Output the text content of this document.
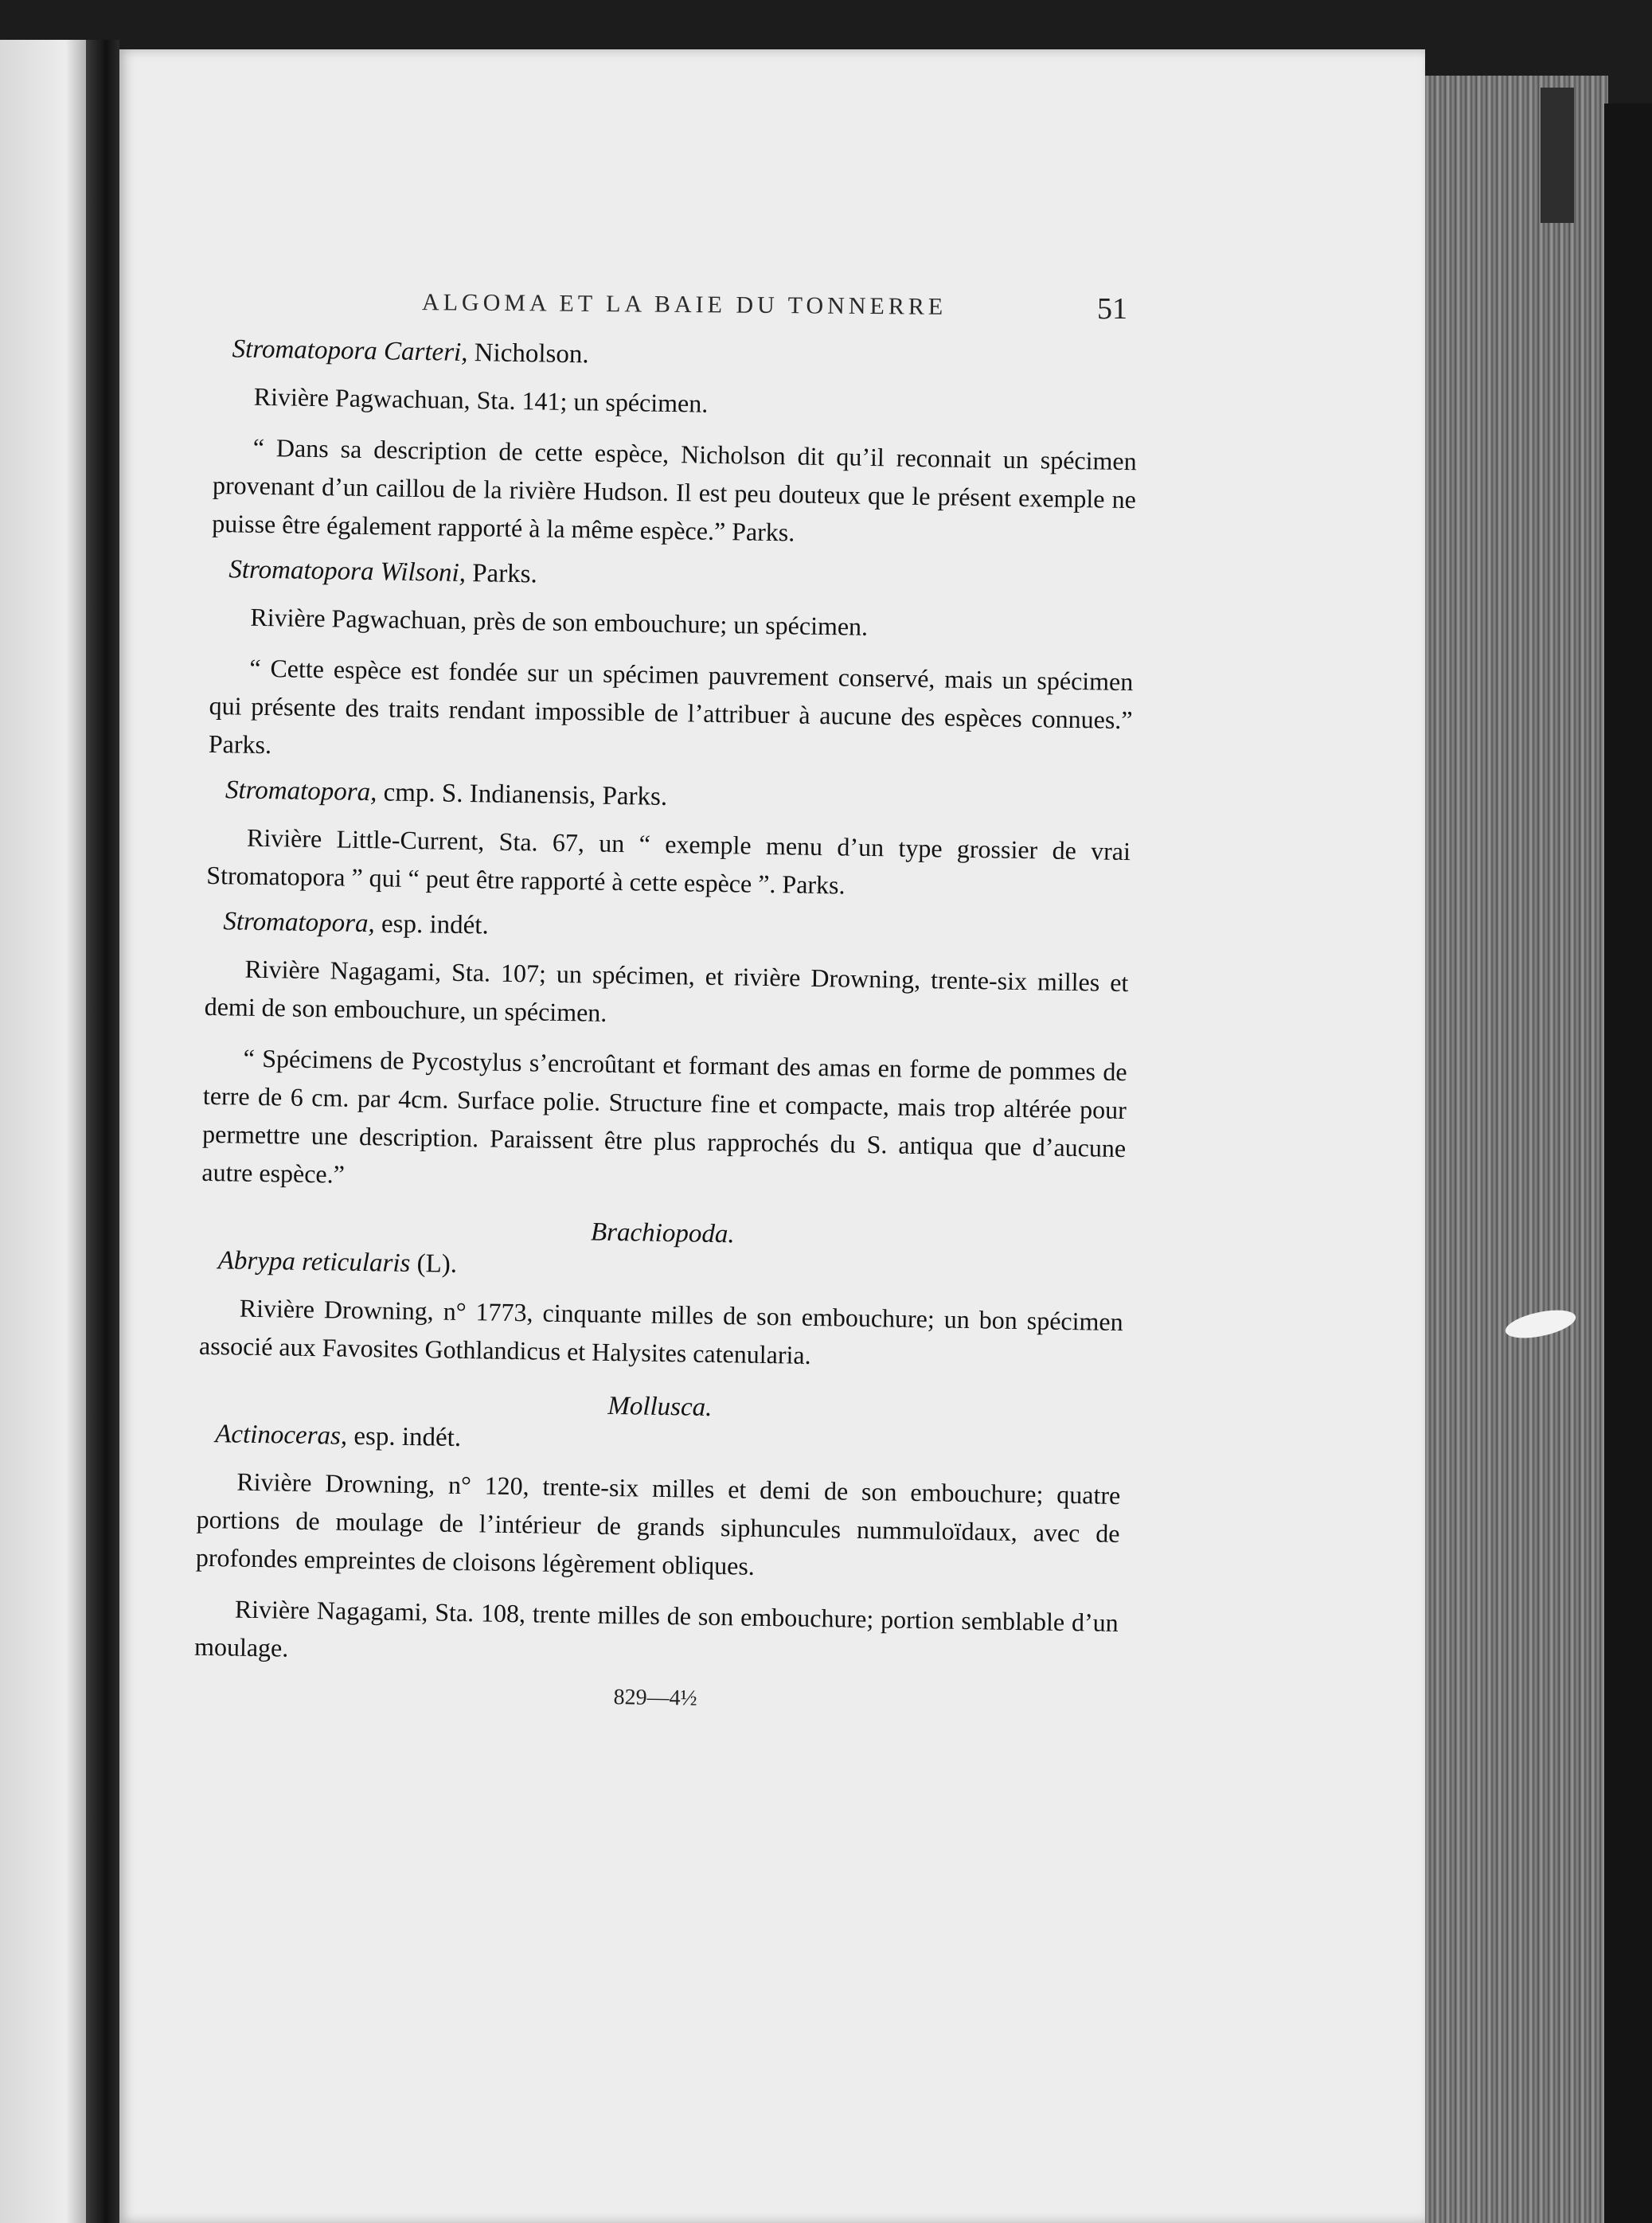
ALGOMA ET LA BAIE DU TONNERRE	51
Stromatopora Carteri, Nicholson.

Rivière Pagwachuan, Sta. 141; un spécimen.

“ Dans sa description de cette espèce, Nicholson dit qu’il reconnait un spécimen provenant d’un caillou de la rivière Hudson. Il est peu douteux que le présent exemple ne puisse être également rapporté à la même espèce.” Parks.

Stromatopora Wilsoni, Parks.

Rivière Pagwachuan, près de son embouchure; un spécimen.

“ Cette espèce est fondée sur un spécimen pauvrement conservé, mais un spécimen qui présente des traits rendant impossible de l’attribuer à aucune des espèces connues.” Parks.

Stromatopora, cmp. S. Indianensis, Parks.

Rivière Little-Current, Sta. 67, un “ exemple menu d’un type grossier de vrai Stromatopora ” qui “ peut être rapporté à cette espèce ”. Parks.

Stromatopora, esp. indét.

Rivière Nagagami, Sta. 107; un spécimen, et rivière Drowning, trente-six milles et demi de son embouchure, un spécimen.

“ Spécimens de Pycostylus s’encroûtant et formant des amas en forme de pommes de terre de 6 cm. par 4cm. Surface polie. Structure fine et compacte, mais trop altérée pour permettre une description. Paraissent être plus rapprochés du S. antiqua que d’aucune autre espèce.”

Brachiopoda.
Abrypa reticularis (L).

Rivière Drowning, n° 1773, cinquante milles de son embouchure; un bon spécimen associé aux Favosites Gothlandicus et Halysites catenularia.

Mollusca.
Actinoceras, esp. indét.

Rivière Drowning, n° 120, trente-six milles et demi de son embouchure; quatre portions de moulage de l’intérieur de grands siphuncules nummuloïdaux, avec de profondes empreintes de cloisons légèrement obliques.

Rivière Nagagami, Sta. 108, trente milles de son embouchure; portion semblable d’un moulage.

829—4½
